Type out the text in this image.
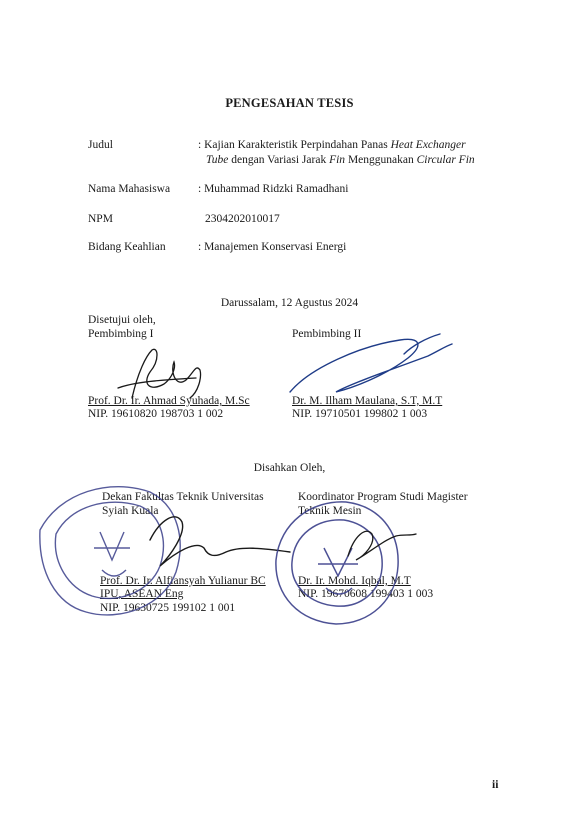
PENGESAHAN TESIS
Judul	: Kajian Karakteristik Perpindahan Panas Heat Exchanger
Tube dengan Variasi Jarak Fin Menggunakan Circular Fin
Nama Mahasiswa : Muhammad Ridzki Ramadhani
NPM	2304202010017
Bidang Keahlian	: Manajemen Konservasi Energi
Darussalam, 12 Agustus 2024
Disetujui oleh,
Pembimbing I	Pembimbing II
Prof. Dr. Ir. Ahmad Syuhada, M.Sc
NIP. 19610820 198703 1 002
Dr. M. Ilham Maulana, S.T, M.T
NIP. 19710501 199802 1 003
Disahkan Oleh,
Dekan Fakultas Teknik Universitas
Syiah Kuala
Koordinator Program Studi Magister
Teknik Mesin
Prof. Dr. Ir. Alfiansyah Yulianur BC
IPU, ASEAN Eng
NIP. 19630725 199102 1 001
Dr. Ir. Mohd. Iqbal, M.T
NIP. 19670608 199403 1 003
ii
